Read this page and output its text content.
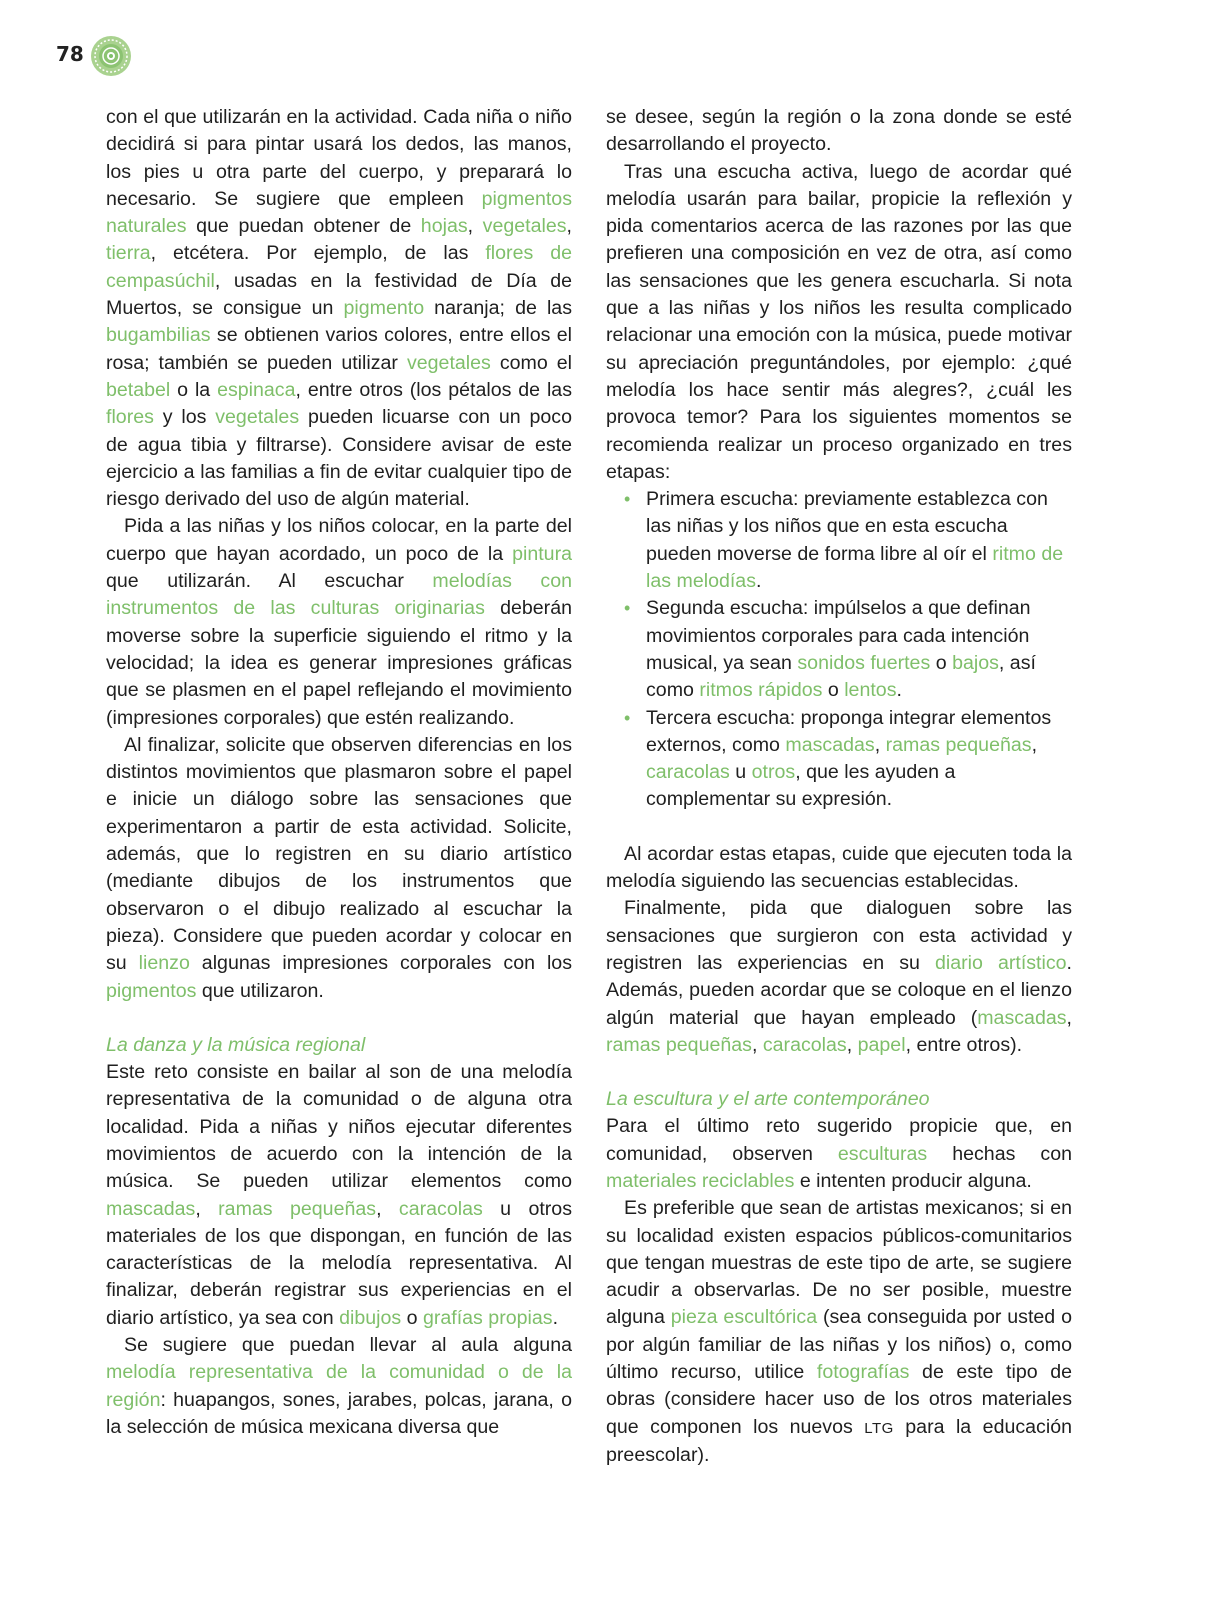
78

con el que utilizarán en la actividad. Cada niña o niño decidirá si para pintar usará los dedos, las manos, los pies u otra parte del cuerpo, y preparará lo necesario. Se sugiere que empleen pigmentos naturales que puedan obtener de hojas, vegetales, tierra, etcétera. Por ejemplo, de las flores de cempasúchil, usadas en la festividad de Día de Muertos, se consigue un pigmento naranja; de las bugambilias se obtienen varios colores, entre ellos el rosa; también se pueden utilizar vegetales como el betabel o la espinaca, entre otros (los pétalos de las flores y los vegetales pueden licuarse con un poco de agua tibia y filtrarse). Considere avisar de este ejercicio a las familias a fin de evitar cualquier tipo de riesgo derivado del uso de algún material.

Pida a las niñas y los niños colocar, en la parte del cuerpo que hayan acordado, un poco de la pintura que utilizarán. Al escuchar melodías con instrumentos de las culturas originarias deberán moverse sobre la superficie siguiendo el ritmo y la velocidad; la idea es generar impresiones gráficas que se plasmen en el papel reflejando el movimiento (impresiones corporales) que estén realizando.

Al finalizar, solicite que observen diferencias en los distintos movimientos que plasmaron sobre el papel e inicie un diálogo sobre las sensaciones que experimentaron a partir de esta actividad. Solicite, además, que lo registren en su diario artístico (mediante dibujos de los instrumentos que observaron o el dibujo realizado al escuchar la pieza). Considere que pueden acordar y colocar en su lienzo algunas impresiones corporales con los pigmentos que utilizaron.

La danza y la música regional

Este reto consiste en bailar al son de una melodía representativa de la comunidad o de alguna otra localidad. Pida a niñas y niños ejecutar diferentes movimientos de acuerdo con la intención de la música. Se pueden utilizar elementos como mascadas, ramas pequeñas, caracolas u otros materiales de los que dispongan, en función de las características de la melodía representativa. Al finalizar, deberán registrar sus experiencias en el diario artístico, ya sea con dibujos o grafías propias.

Se sugiere que puedan llevar al aula alguna melodía representativa de la comunidad o de la región: huapangos, sones, jarabes, polcas, jarana, o la selección de música mexicana diversa que

se desee, según la región o la zona donde se esté desarrollando el proyecto.

Tras una escucha activa, luego de acordar qué melodía usarán para bailar, propicie la reflexión y pida comentarios acerca de las razones por las que prefieren una composición en vez de otra, así como las sensaciones que les genera escucharla. Si nota que a las niñas y los niños les resulta complicado relacionar una emoción con la música, puede motivar su apreciación preguntándoles, por ejemplo: ¿qué melodía los hace sentir más alegres?, ¿cuál les provoca temor? Para los siguientes momentos se recomienda realizar un proceso organizado en tres etapas:

• Primera escucha: previamente establezca con las niñas y los niños que en esta escucha pueden moverse de forma libre al oír el ritmo de las melodías.
• Segunda escucha: impúlselos a que definan movimientos corporales para cada intención musical, ya sean sonidos fuertes o bajos, así como ritmos rápidos o lentos.
• Tercera escucha: proponga integrar elementos externos, como mascadas, ramas pequeñas, caracolas u otros, que les ayuden a complementar su expresión.

Al acordar estas etapas, cuide que ejecuten toda la melodía siguiendo las secuencias establecidas.

Finalmente, pida que dialoguen sobre las sensaciones que surgieron con esta actividad y registren las experiencias en su diario artístico. Además, pueden acordar que se coloque en el lienzo algún material que hayan empleado (mascadas, ramas pequeñas, caracolas, papel, entre otros).

La escultura y el arte contemporáneo

Para el último reto sugerido propicie que, en comunidad, observen esculturas hechas con materiales reciclables e intenten producir alguna.

Es preferible que sean de artistas mexicanos; si en su localidad existen espacios públicos-comunitarios que tengan muestras de este tipo de arte, se sugiere acudir a observarlas. De no ser posible, muestre alguna pieza escultórica (sea conseguida por usted o por algún familiar de las niñas y los niños) o, como último recurso, utilice fotografías de este tipo de obras (considere hacer uso de los otros materiales que componen los nuevos LTG para la educación preescolar).
